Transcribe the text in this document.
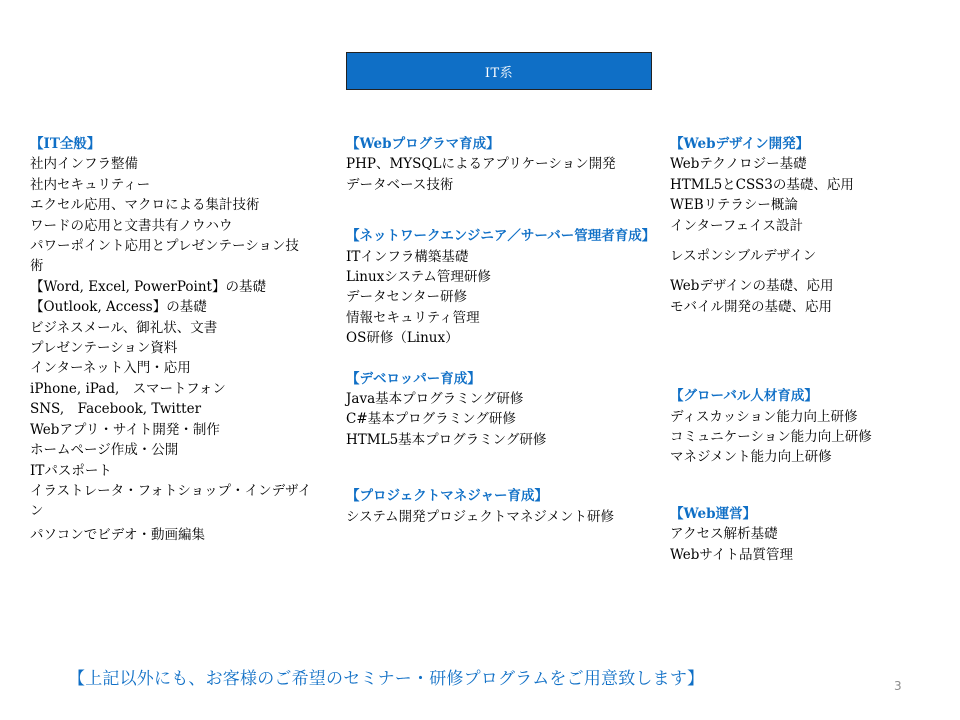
IT系
【IT全般】
社内インフラ整備
社内セキュリティー
エクセル応用、マクロによる集計技術
ワードの応用と文書共有ノウハウ
パワーポイント応用とプレゼンテーション技術
【Word, Excel, PowerPoint】の基礎
【Outlook, Access】の基礎
ビジネスメール、御礼状、文書
プレゼンテーション資料
インターネット入門・応用
iPhone, iPad,　スマートフォン
SNS,　Facebook, Twitter
Webアプリ・サイト開発・制作
ホームページ作成・公開
ITパスポート
イラストレータ・フォトショップ・インデザイン
パソコンでビデオ・動画編集
【Webプログラマ育成】
PHP、MYSQLによるアプリケーション開発
データベース技術
【ネットワークエンジニア／サーバー管理者育成】
ITインフラ構築基礎
Linuxシステム管理研修
データセンター研修
情報セキュリティ管理
OS研修（Linux）
【デベロッパー育成】
Java基本プログラミング研修
C#基本プログラミング研修
HTML5基本プログラミング研修
【プロジェクトマネジャー育成】
システム開発プロジェクトマネジメント研修
【Webデザイン開発】
Webテクノロジー基礎
HTML5とCSS3の基礎、応用
WEBリテラシー概論
インターフェイス設計
レスポンシブルデザイン
Webデザインの基礎、応用
モバイル開発の基礎、応用
【グローバル人材育成】
ディスカッション能力向上研修
コミュニケーション能力向上研修
マネジメント能力向上研修
【Web運営】
アクセス解析基礎
Webサイト品質管理
【上記以外にも、お客様のご希望のセミナー・研修プログラムをご用意致します】	3
